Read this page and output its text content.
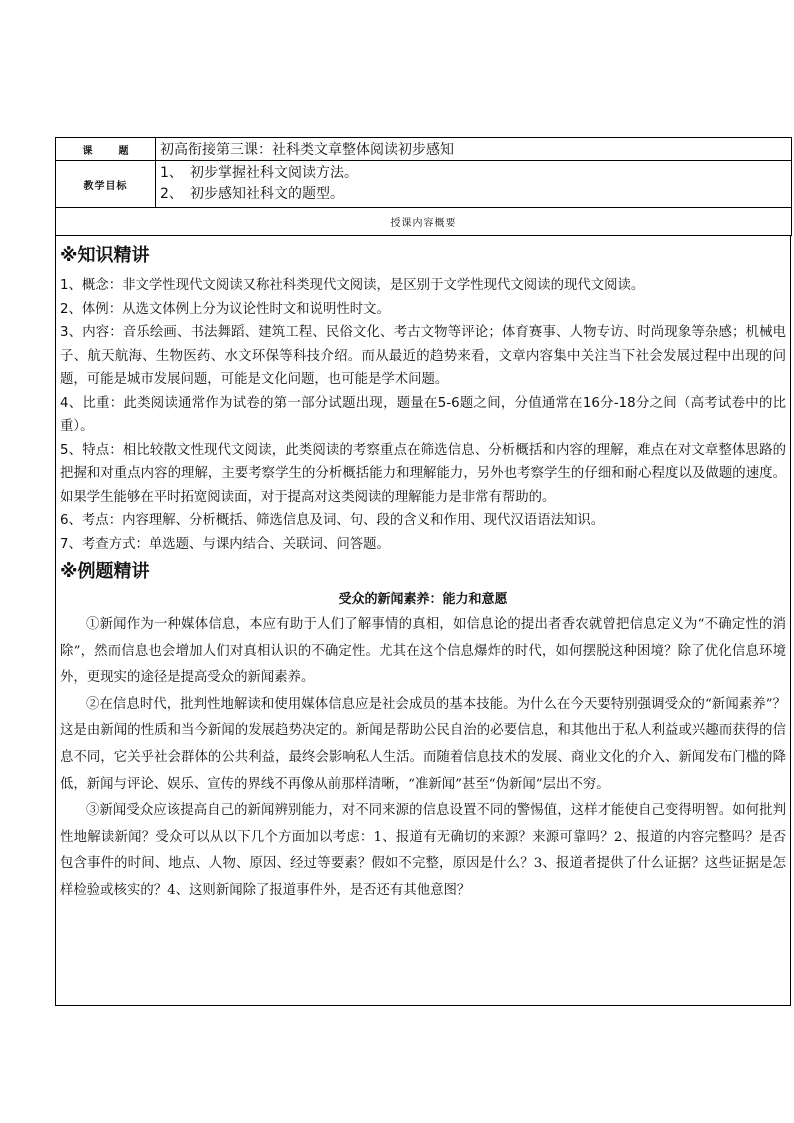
课题	初高衔接第三课：社科类文章整体阅读初步感知
教学目标	1、 初步掌握社科文阅读方法。
2、 初步感知社科文的题型。

授课内容概要	
※知识精讲
1、概念：非文学性现代文阅读又称社科类现代文阅读，是区别于文学性现代文阅读的现代文阅读。
2、体例：从选文体例上分为议论性时文和说明性时文。
3、内容：音乐绘画、书法舞蹈、建筑工程、民俗文化、考古文物等评论；体育赛事、人物专访、时尚现象等杂感；机械电子、航天航海、生物医药、水文环保等科技介绍。而从最近的趋势来看，文章内容集中关注当下社会发展过程中出现的问题，可能是城市发展问题，可能是文化问题，也可能是学术问题。
4、比重：此类阅读通常作为试卷的第一部分试题出现，题量在5-6题之间，分值通常在16分-18分之间（高考试卷中的比重）。
5、特点：相比较散文性现代文阅读，此类阅读的考察重点在筛选信息、分析概括和内容的理解，难点在对文章整体思路的把握和对重点内容的理解，主要考察学生的分析概括能力和理解能力，另外也考察学生的仔细和耐心程度以及做题的速度。如果学生能够在平时拓宽阅读面，对于提高对这类阅读的理解能力是非常有帮助的。
6、考点：内容理解、分析概括、筛选信息及词、句、段的含义和作用、现代汉语语法知识。
7、考查方式：单选题、与课内结合、关联词、问答题。
※例题精讲
受众的新闻素养：能力和意愿
①新闻作为一种媒体信息，本应有助于人们了解事情的真相，如信息论的提出者香农就曾把信息定义为“不确定性的消除”，然而信息也会增加人们对真相认识的不确定性。尤其在这个信息爆炸的时代，如何摆脱这种困境？除了优化信息环境外，更现实的途径是提高受众的新闻素养。
②在信息时代，批判性地解读和使用媒体信息应是社会成员的基本技能。为什么在今天要特别强调受众的“新闻素养”？这是由新闻的性质和当今新闻的发展趋势决定的。新闻是帮助公民自治的必要信息，和其他出于私人利益或兴趣而获得的信息不同，它关乎社会群体的公共利益，最终会影响私人生活。而随着信息技术的发展、商业文化的介入、新闻发布门槛的降低，新闻与评论、娱乐、宣传的界线不再像从前那样清晰，“准新闻”甚至“伪新闻”层出不穷。
③新闻受众应该提高自己的新闻辨别能力，对不同来源的信息设置不同的警惕值，这样才能使自己变得明智。如何批判性地解读新闻？受众可以从以下几个方面加以考虑：1、报道有无确切的来源？来源可靠吗？2、报道的内容完整吗？是否包含事件的时间、地点、人物、原因、经过等要素？假如不完整，原因是什么？3、报道者提供了什么证据？这些证据是怎样检验或核实的？4、这则新闻除了报道事件外，是否还有其他意图？
